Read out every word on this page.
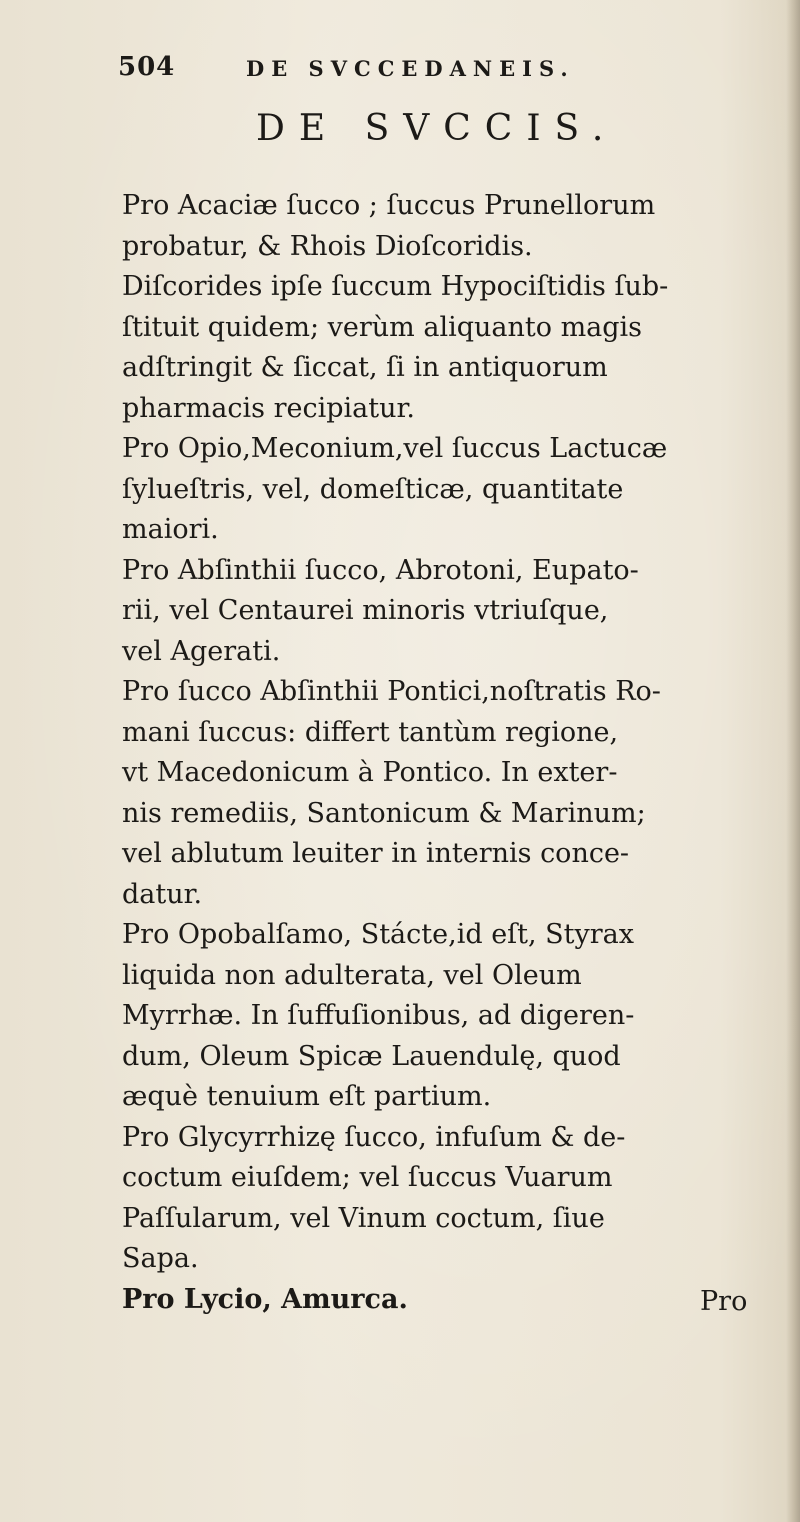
504	DE SVCCEDANEIS.
DE SVCCIS.
Pro Acaciæ ſucco ; ſuccus Prunellorum
probatur, & Rhois Dioſcoridis.
Diſcorides ipſe ſuccum Hypociſtidis ſub-
ſtituit quidem; verùm aliquanto magis
adſtringit & ſiccat, ſi in antiquorum
pharmacis recipiatur.
Pro Opio,Meconium,vel ſuccus Lactucæ
ſylueſtris, vel, domeſticæ, quantitate
maiori.
Pro Abſinthii ſucco, Abrotoni, Eupato-
rii, vel Centaurei minoris vtriuſque,
vel Agerati.
Pro ſucco Abſinthii Pontici,noſtratis Ro-
mani ſuccus: differt tantùm regione,
vt Macedonicum à Pontico. In exter-
nis remediis, Santonicum & Marinum;
vel ablutum leuiter in internis conce-
datur.
Pro Opobalſamo, Stácte,id eſt, Styrax
liquida non adulterata, vel Oleum
Myrrhæ. In ſuffuſionibus, ad digeren-
dum, Oleum Spicæ Lauendulę, quod
æquè tenuium eſt partium.
Pro Glycyrrhizę ſucco, infuſum & de-
coctum eiuſdem; vel ſuccus Vuarum
Paſſularum, vel Vinum coctum, ſiue
Sapa.
Pro Lycio, Amurca.	Pro
